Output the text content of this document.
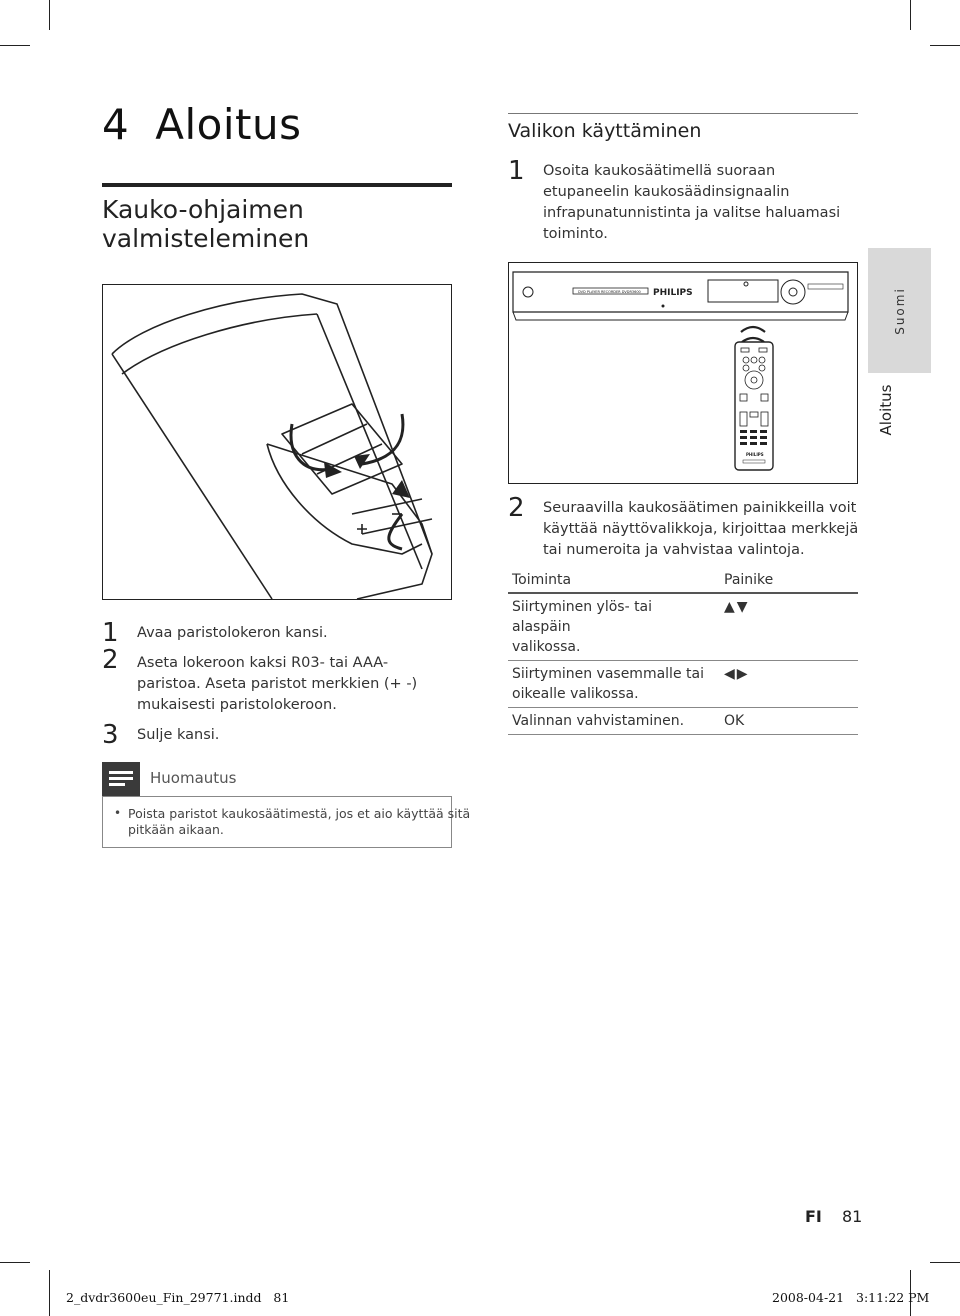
4 Aloitus
Kauko-ohjaimen
valmisteleminen
1 Avaa paristolokeron kansi.
2 Aseta lokeroon kaksi R03- tai AAA-
paristoa. Aseta paristot merkkien (+ -)
mukaisesti paristolokeroon.
3 Sulje kansi.
Huomautus
• Poista paristot kaukosäätimestä, jos et aio käyttää sitä
pitkään aikaan.
Valikon käyttäminen
1 Osoita kaukosäätimellä suoraan
etupaneelin kaukosäädinsignaalin
infrapunatunnistinta ja valitse haluamasi
toiminto.
DVD PLAYER RECORDER DVDR3600 PHILIPS
PHILIPS
2 Seuraavilla kaukosäätimen painikkeilla voit
käyttää näyttövalikkoja, kirjoittaa merkkejä
tai numeroita ja vahvistaa valintoja.
Toiminta	Painike

Siirtyminen ylös- tai alaspäin
valikossa.	▲▼

Siirtyminen vasemmalle tai
oikealle valikossa.	◀▶

Valinnan vahvistaminen.	OK
Suomi
Aloitus
FI 81
2_dvdr3600eu_Fin_29771.indd   81	2008-04-21   3:11:22 PM
